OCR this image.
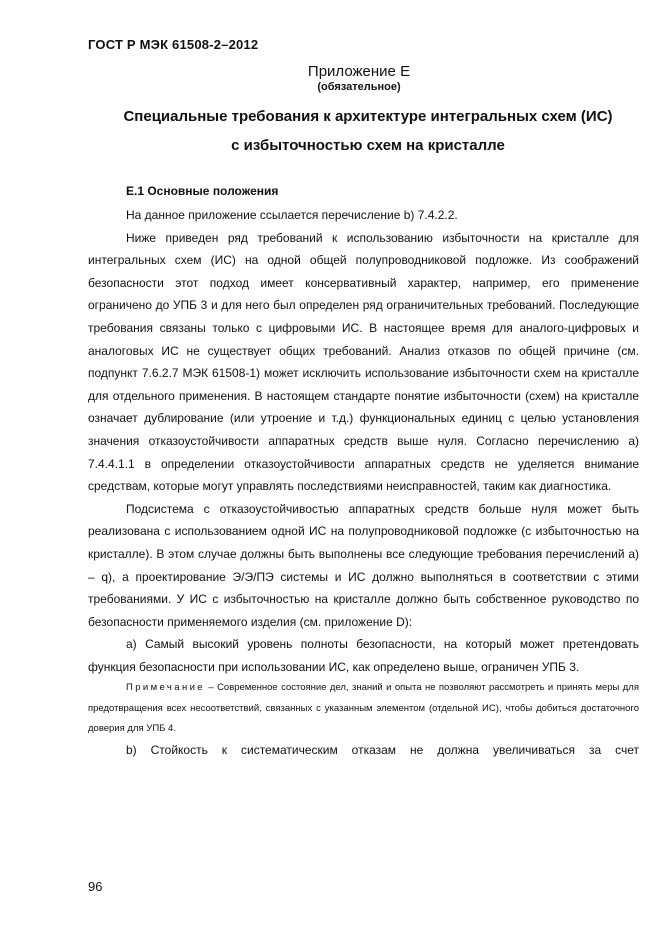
ГОСТ Р МЭК 61508-2–2012
Приложение Е
(обязательное)
Специальные требования к архитектуре интегральных схем (ИС)
с избыточностью схем на кристалле
Е.1 Основные положения

На данное приложение ссылается перечисление b) 7.4.2.2.

Ниже приведен ряд требований к использованию избыточности на кристалле для интегральных схем (ИС) на одной общей полупроводниковой подложке. Из соображений безопасности этот подход имеет консервативный характер, например, его применение ограничено до УПБ 3 и для него был определен ряд ограничительных требований. Последующие требования связаны только с цифровыми ИС. В настоящее время для аналого-цифровых и аналоговых ИС не существует общих требований. Анализ отказов по общей причине (см. подпункт 7.6.2.7 МЭК 61508-1) может исключить использование избыточности схем на кристалле для отдельного применения. В настоящем стандарте понятие избыточности (схем) на кристалле означает дублирование (или утроение и т.д.) функциональных единиц с целью установления значения отказоустойчивости аппаратных средств выше нуля. Согласно перечислению a) 7.4.4.1.1 в определении отказоустойчивости аппаратных средств не уделяется внимание средствам, которые могут управлять последствиями неисправностей, таким как диагностика.

Подсистема с отказоустойчивостью аппаратных средств больше нуля может быть реализована с использованием одной ИС на полупроводниковой подложке (с избыточностью на кристалле). В этом случае должны быть выполнены все следующие требования перечислений a) – q), а проектирование Э/Э/ПЭ системы и ИС должно выполняться в соответствии с этими требованиями. У ИС с избыточностью на кристалле должно быть собственное руководство по безопасности применяемого изделия (см. приложение D):

a) Самый высокий уровень полноты безопасности, на который может претендовать функция безопасности при использовании ИС, как определено выше, ограничен УПБ 3.

Примечание – Современное состояние дел, знаний и опыта не позволяют рассмотреть и принять меры для предотвращения всех несоответствий, связанных с указанным элементом (отдельной ИС), чтобы добиться достаточного доверия для УПБ 4.

b) Стойкость к систематическим отказам не должна увеличиваться за счет

96
